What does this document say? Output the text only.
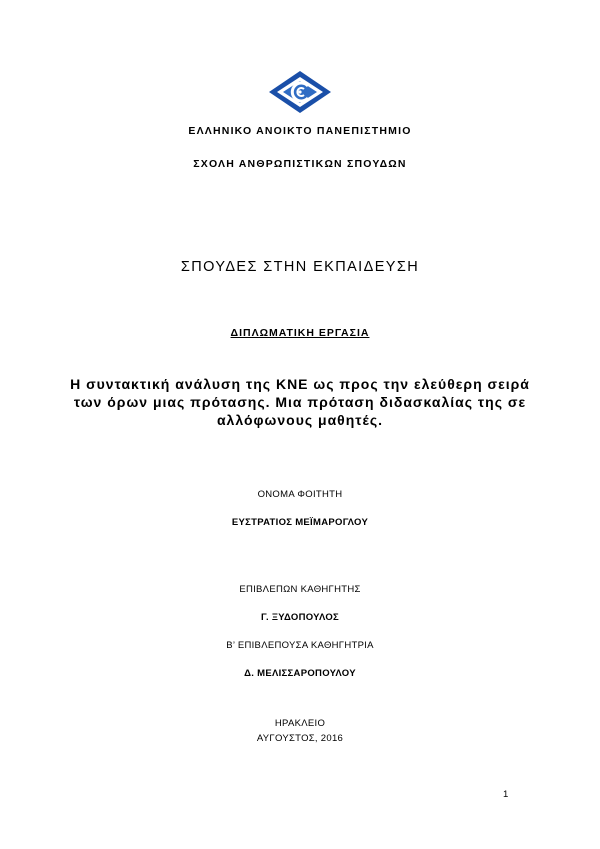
ΕΛΛΗΝΙΚΟ ΑΝΟΙΚΤΟ ΠΑΝΕΠΙΣΤΗΜΙΟ
ΣΧΟΛΗ ΑΝΘΡΩΠΙΣΤΙΚΩΝ ΣΠΟΥΔΩΝ
ΣΠΟΥΔΕΣ ΣΤΗΝ ΕΚΠΑΙΔΕΥΣΗ
ΔΙΠΛΩΜΑΤΙΚΗ ΕΡΓΑΣΙΑ
Η συντακτική ανάλυση της ΚΝΕ ως προς την ελεύθερη σειρά
των όρων μιας πρότασης. Μια πρόταση διδασκαλίας της σε
αλλόφωνους μαθητές.
ΟΝΟΜΑ ΦΟΙΤΗΤΗ
ΕΥΣΤΡΑΤΙΟΣ ΜΕΪΜΑΡΟΓΛΟΥ
ΕΠΙΒΛΕΠΩΝ ΚΑΘΗΓΗΤΗΣ
Γ. ΞΥΔΟΠΟΥΛΟΣ
Β’ ΕΠΙΒΛΕΠΟΥΣΑ ΚΑΘΗΓΗΤΡΙΑ
Δ. ΜΕΛΙΣΣΑΡΟΠΟΥΛΟΥ
ΗΡΑΚΛΕΙΟ
ΑΥΓΟΥΣΤΟΣ, 2016
1
